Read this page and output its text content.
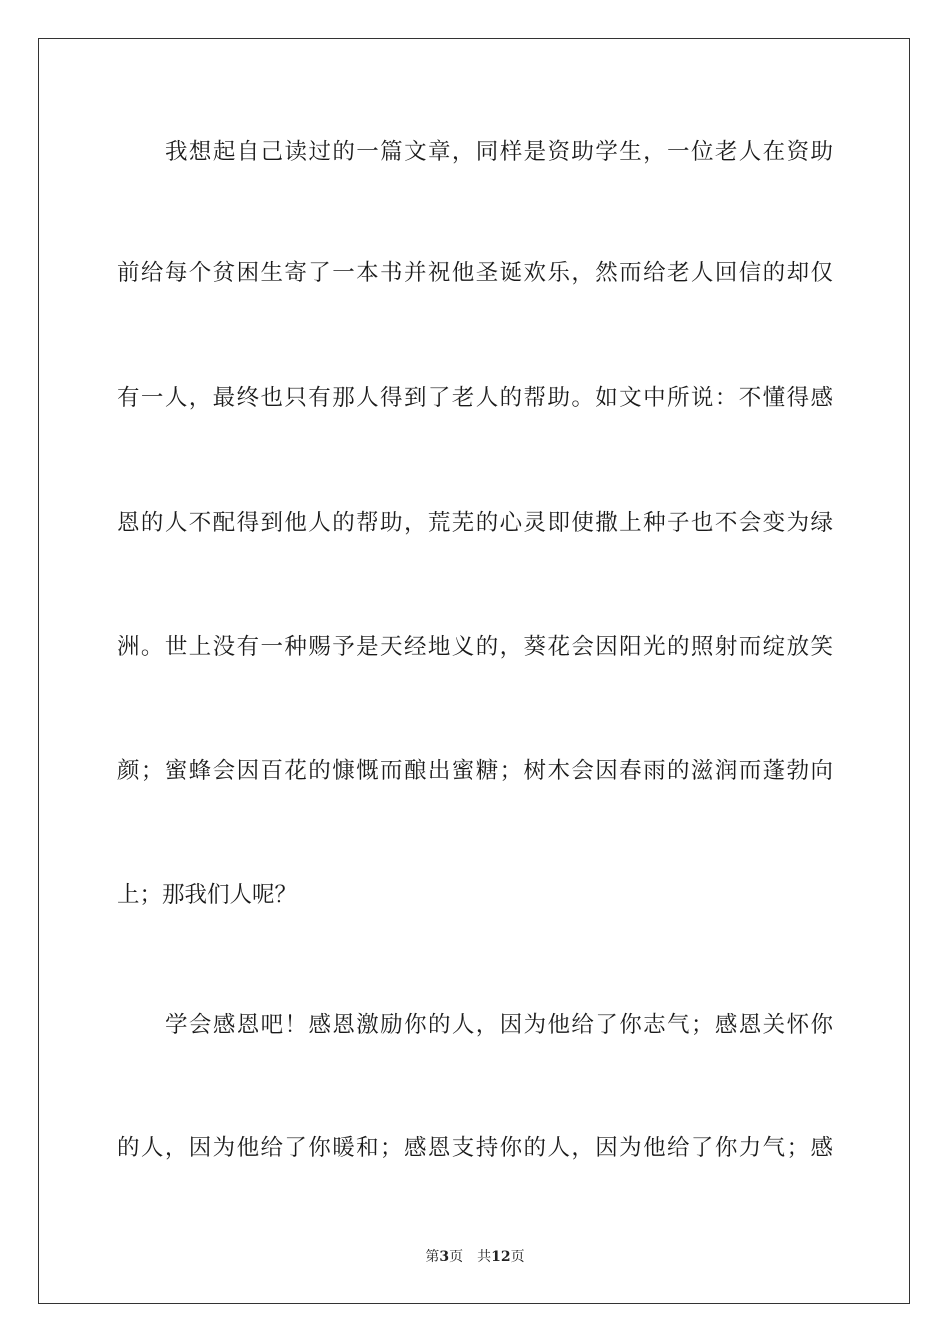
我想起自己读过的一篇文章，同样是资助学生，一位老人在资助
前给每个贫困生寄了一本书并祝他圣诞欢乐，然而给老人回信的却仅
有一人，最终也只有那人得到了老人的帮助。如文中所说：不懂得感
恩的人不配得到他人的帮助，荒芜的心灵即使撒上种子也不会变为绿
洲。世上没有一种赐予是天经地义的，葵花会因阳光的照射而绽放笑
颜；蜜蜂会因百花的慷慨而酿出蜜糖；树木会因春雨的滋润而蓬勃向
上；那我们人呢？
学会感恩吧！感恩激励你的人，因为他给了你志气；感恩关怀你
的人，因为他给了你暖和；感恩支持你的人，因为他给了你力气；感
第3页 共12页
